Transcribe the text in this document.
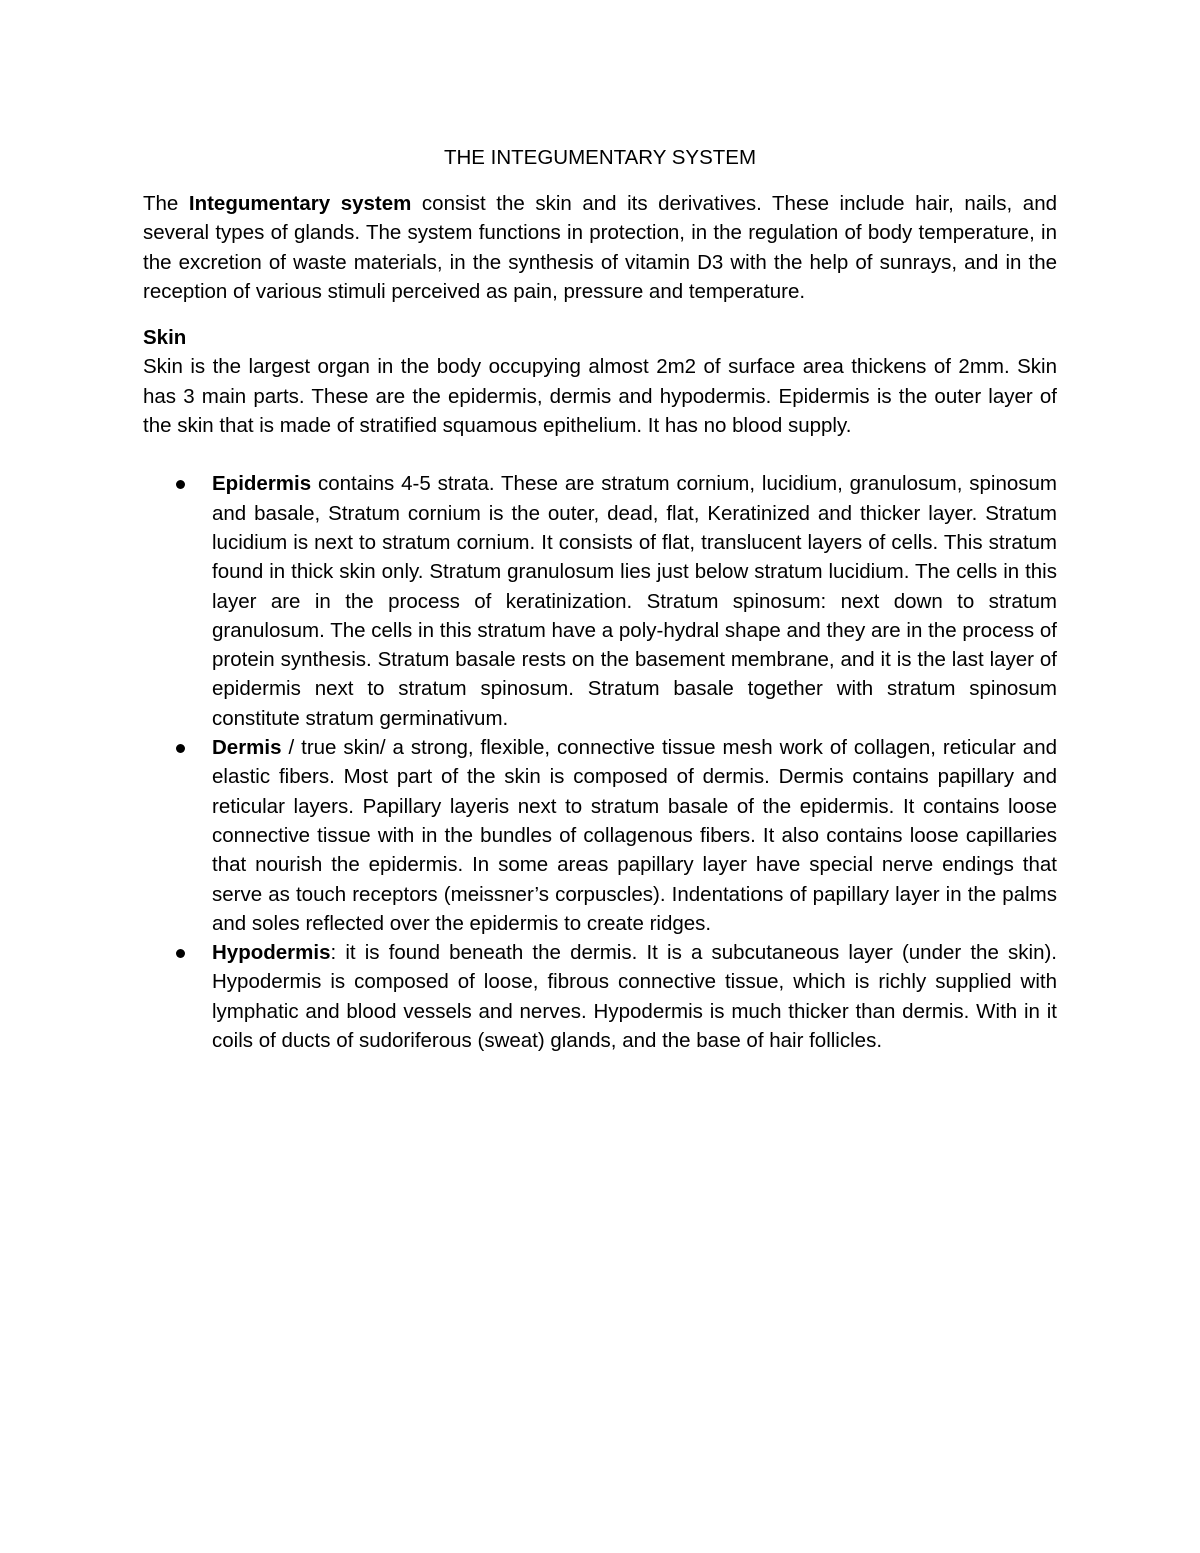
THE INTEGUMENTARY SYSTEM

The Integumentary system consist the skin and its derivatives. These include hair, nails, and several types of glands. The system functions in protection, in the regulation of body temperature, in the excretion of waste materials, in the synthesis of vitamin D3 with the help of sunrays, and in the reception of various stimuli perceived as pain, pressure and temperature.

Skin

Skin is the largest organ in the body occupying almost 2m2 of surface area thickens of 2mm. Skin has 3 main parts. These are the epidermis, dermis and hypodermis. Epidermis is the outer layer of the skin that is made of stratified squamous epithelium. It has no blood supply.

Epidermis contains 4-5 strata. These are stratum cornium, lucidium, granulosum, spinosum and basale, Stratum cornium is the outer, dead, flat, Keratinized and thicker layer. Stratum lucidium is next to stratum cornium. It consists of flat, translucent layers of cells. This stratum found in thick skin only. Stratum granulosum lies just below stratum lucidium. The cells in this layer are in the process of keratinization. Stratum spinosum: next down to stratum granulosum. The cells in this stratum have a poly-hydral shape and they are in the process of protein synthesis. Stratum basale rests on the basement membrane, and it is the last layer of epidermis next to stratum spinosum. Stratum basale together with stratum spinosum constitute stratum germinativum.
Dermis / true skin/ a strong, flexible, connective tissue mesh work of collagen, reticular and elastic fibers. Most part of the skin is composed of dermis. Dermis contains papillary and reticular layers. Papillary layeris next to stratum basale of the epidermis. It contains loose connective tissue with in the bundles of collagenous fibers. It also contains loose capillaries that nourish the epidermis. In some areas papillary layer have special nerve endings that serve as touch receptors (meissner’s corpuscles). Indentations of papillary layer in the palms and soles reflected over the epidermis to create ridges.
Hypodermis: it is found beneath the dermis. It is a subcutaneous layer (under the skin). Hypodermis is composed of loose, fibrous connective tissue, which is richly supplied with lymphatic and blood vessels and nerves. Hypodermis is much thicker than dermis. With in it coils of ducts of sudoriferous (sweat) glands, and the base of hair follicles.
